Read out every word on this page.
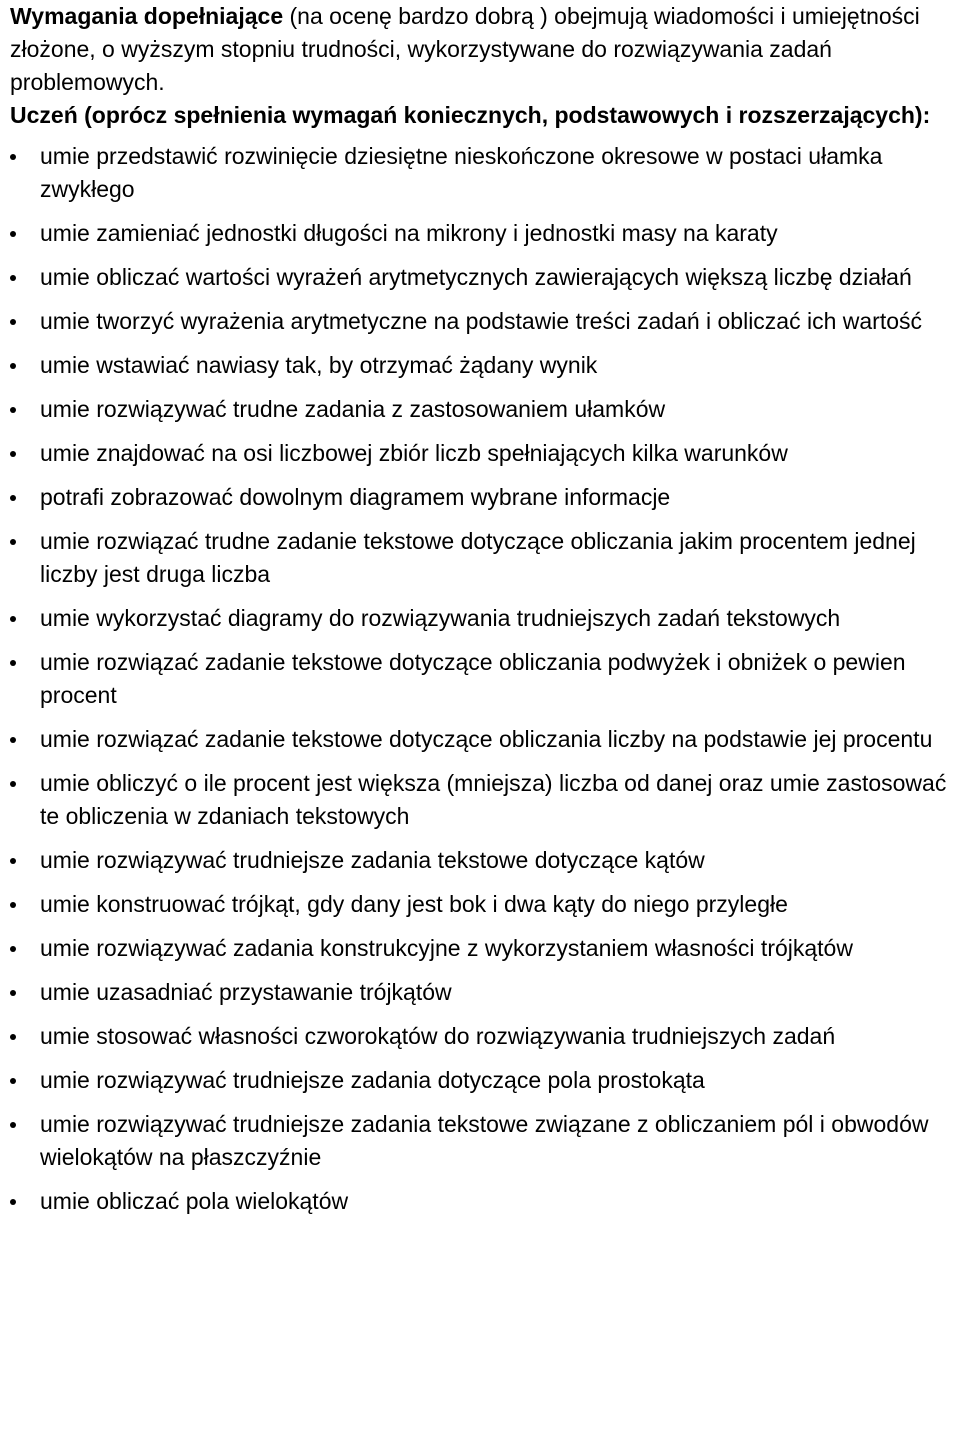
Wymagania dopełniające (na ocenę bardzo dobrą ) obejmują wiadomości i umiejętności złożone, o wyższym stopniu trudności, wykorzystywane do rozwiązywania zadań problemowych.

Uczeń (oprócz spełnienia wymagań koniecznych, podstawowych i rozszerzających):

umie przedstawić rozwinięcie dziesiętne nieskończone okresowe w postaci ułamka zwykłego
umie zamieniać jednostki długości na mikrony i jednostki masy na karaty
umie obliczać wartości wyrażeń arytmetycznych zawierających większą liczbę działań
umie tworzyć wyrażenia arytmetyczne na podstawie treści zadań i obliczać ich wartość
umie wstawiać nawiasy tak, by otrzymać żądany wynik
umie rozwiązywać trudne zadania z zastosowaniem ułamków
umie znajdować na osi liczbowej zbiór liczb spełniających kilka warunków
potrafi zobrazować dowolnym diagramem wybrane informacje
umie rozwiązać trudne zadanie tekstowe dotyczące obliczania jakim procentem jednej liczby jest druga liczba
umie wykorzystać diagramy do rozwiązywania trudniejszych zadań tekstowych
umie rozwiązać zadanie tekstowe dotyczące obliczania podwyżek i obniżek o pewien procent
umie rozwiązać zadanie tekstowe dotyczące obliczania liczby na podstawie jej procentu
umie obliczyć o ile procent jest większa (mniejsza) liczba od danej oraz umie zastosować te obliczenia w zdaniach tekstowych
umie rozwiązywać trudniejsze zadania tekstowe dotyczące kątów
umie konstruować trójkąt, gdy dany jest bok i dwa kąty do niego przyległe
umie rozwiązywać zadania konstrukcyjne z wykorzystaniem własności trójkątów
umie uzasadniać przystawanie trójkątów
umie stosować własności czworokątów do rozwiązywania trudniejszych zadań
umie rozwiązywać trudniejsze zadania dotyczące pola prostokąta
umie rozwiązywać trudniejsze zadania tekstowe związane z obliczaniem pól i obwodów wielokątów na płaszczyźnie
umie obliczać pola wielokątów
